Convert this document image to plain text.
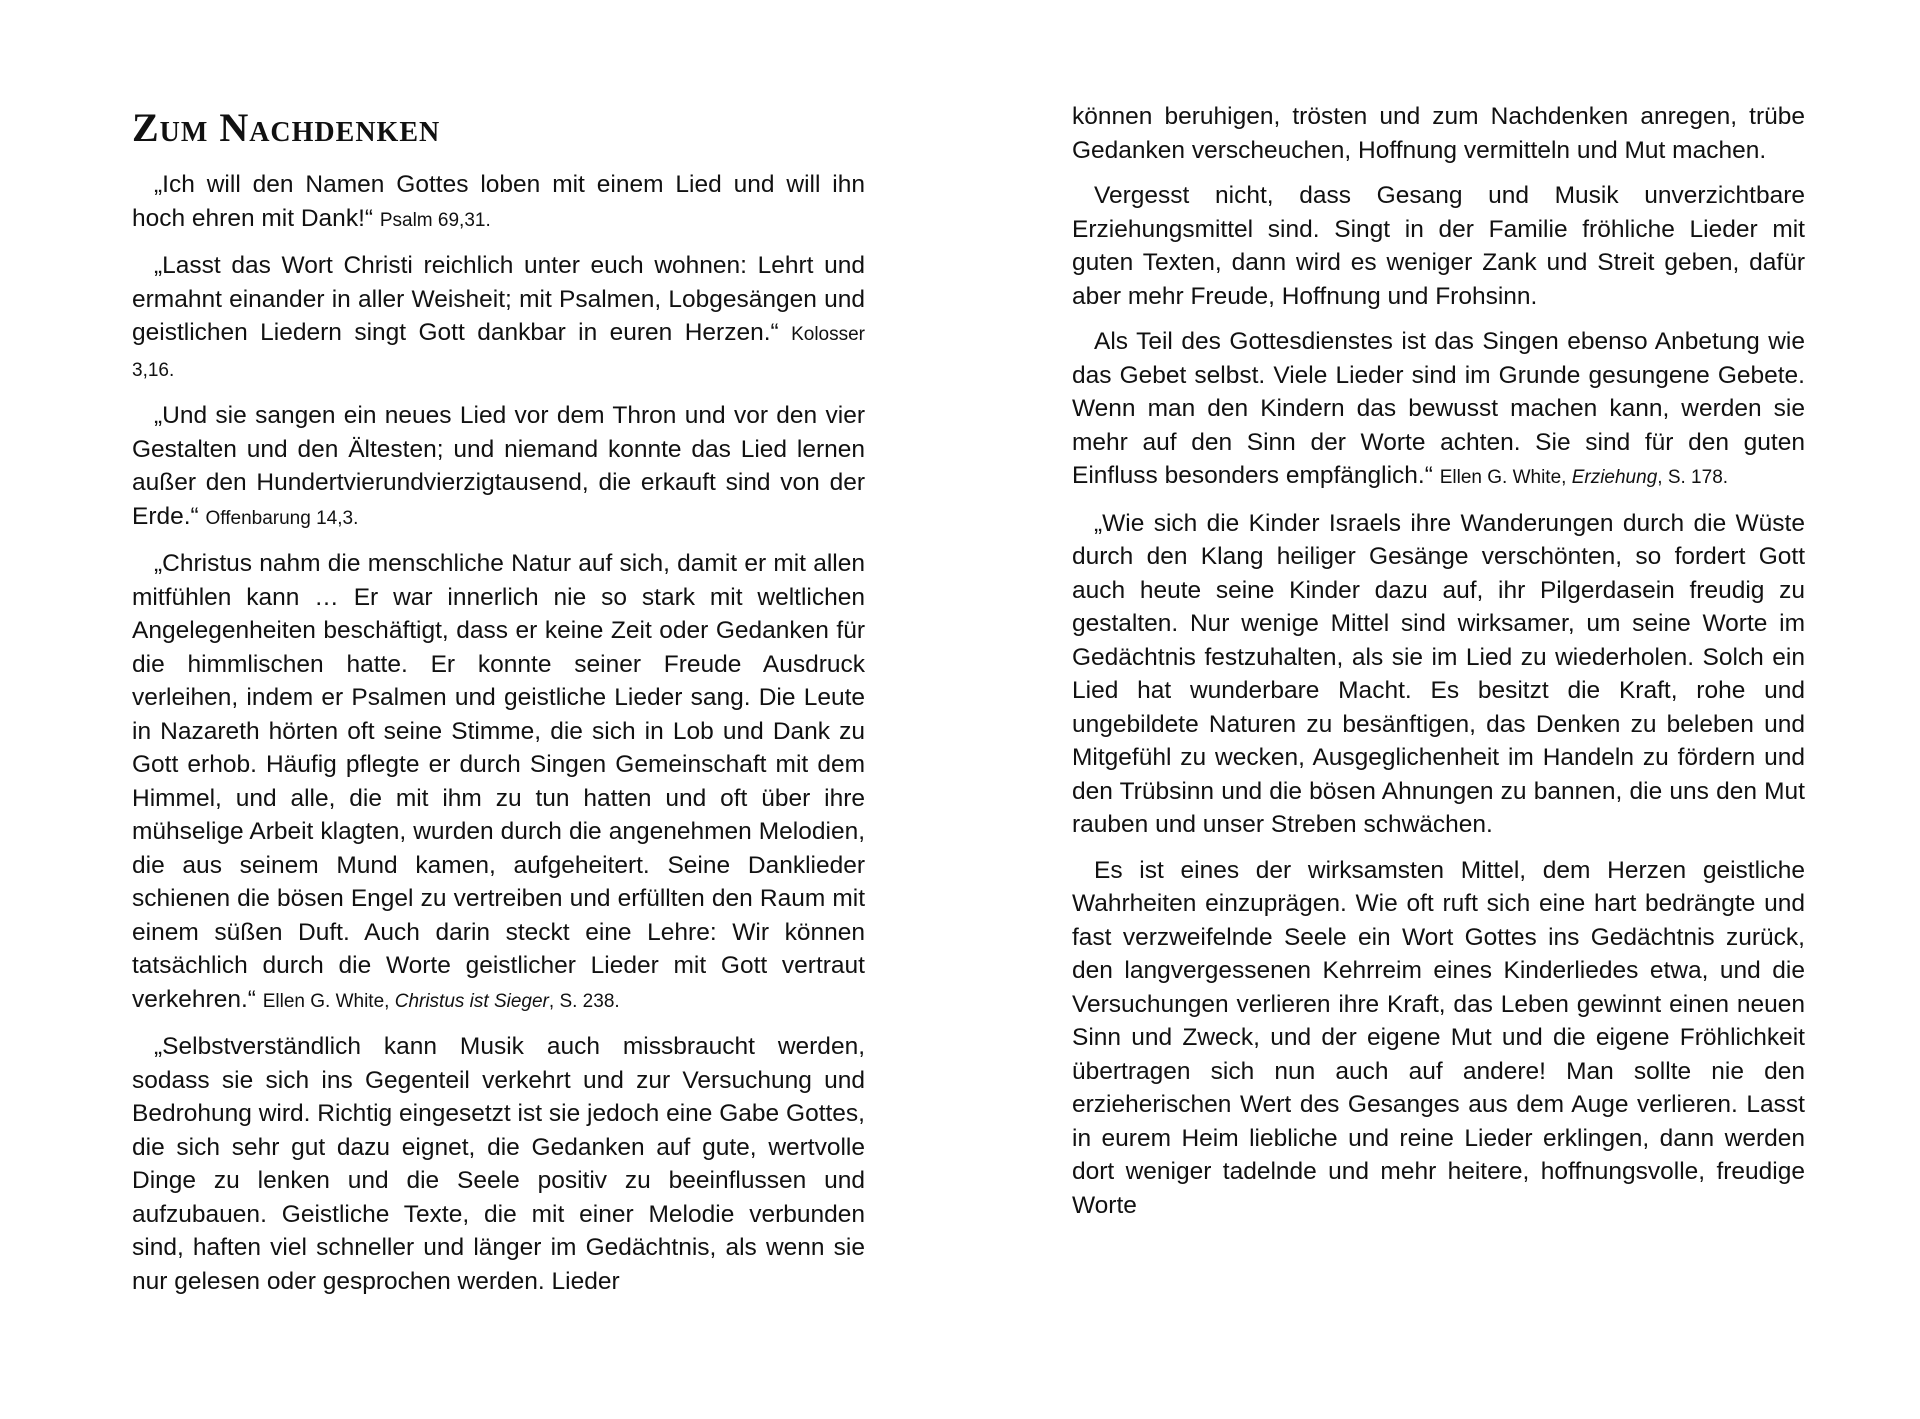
Zum Nachdenken

„Ich will den Namen Gottes loben mit einem Lied und will ihn hoch ehren mit Dank!“ Psalm 69,31.

„Lasst das Wort Christi reichlich unter euch wohnen: Lehrt und ermahnt einander in aller Weisheit; mit Psalmen, Lobgesängen und geistlichen Liedern singt Gott dankbar in euren Herzen.“ Kolosser 3,16.

„Und sie sangen ein neues Lied vor dem Thron und vor den vier Gestalten und den Ältesten; und niemand konnte das Lied lernen außer den Hundertvierundvierzigtausend, die erkauft sind von der Erde.“ Offenbarung 14,3.

„Christus nahm die menschliche Natur auf sich, damit er mit allen mitfühlen kann … Er war innerlich nie so stark mit weltlichen Angelegenheiten beschäftigt, dass er keine Zeit oder Gedanken für die himmlischen hatte. Er konnte seiner Freude Ausdruck verleihen, indem er Psalmen und geistliche Lieder sang. Die Leute in Nazareth hörten oft seine Stimme, die sich in Lob und Dank zu Gott erhob. Häufig pflegte er durch Singen Gemeinschaft mit dem Himmel, und alle, die mit ihm zu tun hatten und oft über ihre mühselige Arbeit klagten, wurden durch die angenehmen Melodien, die aus seinem Mund kamen, aufgeheitert. Seine Danklieder schienen die bösen Engel zu vertreiben und erfüllten den Raum mit einem süßen Duft. Auch darin steckt eine Lehre: Wir können tatsächlich durch die Worte geistlicher Lieder mit Gott vertraut verkehren.“ Ellen G. White, Christus ist Sieger, S. 238.

„Selbstverständlich kann Musik auch missbraucht werden, sodass sie sich ins Gegenteil verkehrt und zur Versuchung und Bedrohung wird. Richtig eingesetzt ist sie jedoch eine Gabe Gottes, die sich sehr gut dazu eignet, die Gedanken auf gute, wertvolle Dinge zu lenken und die Seele positiv zu beeinflussen und aufzubauen. Geistliche Texte, die mit einer Melodie verbunden sind, haften viel schneller und länger im Gedächtnis, als wenn sie nur gelesen oder gesprochen werden. Lieder

können beruhigen, trösten und zum Nachdenken anregen, trübe Gedanken verscheuchen, Hoffnung vermitteln und Mut machen.

Vergesst nicht, dass Gesang und Musik unverzichtbare Erziehungsmittel sind. Singt in der Familie fröhliche Lieder mit guten Texten, dann wird es weniger Zank und Streit geben, dafür aber mehr Freude, Hoffnung und Frohsinn.

Als Teil des Gottesdienstes ist das Singen ebenso Anbetung wie das Gebet selbst. Viele Lieder sind im Grunde gesungene Gebete. Wenn man den Kindern das bewusst machen kann, werden sie mehr auf den Sinn der Worte achten. Sie sind für den guten Einfluss besonders empfänglich.“ Ellen G. White, Erziehung, S. 178.

„Wie sich die Kinder Israels ihre Wanderungen durch die Wüste durch den Klang heiliger Gesänge verschönten, so fordert Gott auch heute seine Kinder dazu auf, ihr Pilgerdasein freudig zu gestalten. Nur wenige Mittel sind wirksamer, um seine Worte im Gedächtnis festzuhalten, als sie im Lied zu wiederholen. Solch ein Lied hat wunderbare Macht. Es besitzt die Kraft, rohe und ungebildete Naturen zu besänftigen, das Denken zu beleben und Mitgefühl zu wecken, Ausgeglichenheit im Handeln zu fördern und den Trübsinn und die bösen Ahnungen zu bannen, die uns den Mut rauben und unser Streben schwächen.

Es ist eines der wirksamsten Mittel, dem Herzen geistliche Wahrheiten einzuprägen. Wie oft ruft sich eine hart bedrängte und fast verzweifelnde Seele ein Wort Gottes ins Gedächtnis zurück, den langvergessenen Kehrreim eines Kinderliedes etwa, und die Versuchungen verlieren ihre Kraft, das Leben gewinnt einen neuen Sinn und Zweck, und der eigene Mut und die eigene Fröhlichkeit übertragen sich nun auch auf andere! Man sollte nie den erzieherischen Wert des Gesanges aus dem Auge verlieren. Lasst in eurem Heim liebliche und reine Lieder erklingen, dann werden dort weniger tadelnde und mehr heitere, hoffnungsvolle, freudige Worte
